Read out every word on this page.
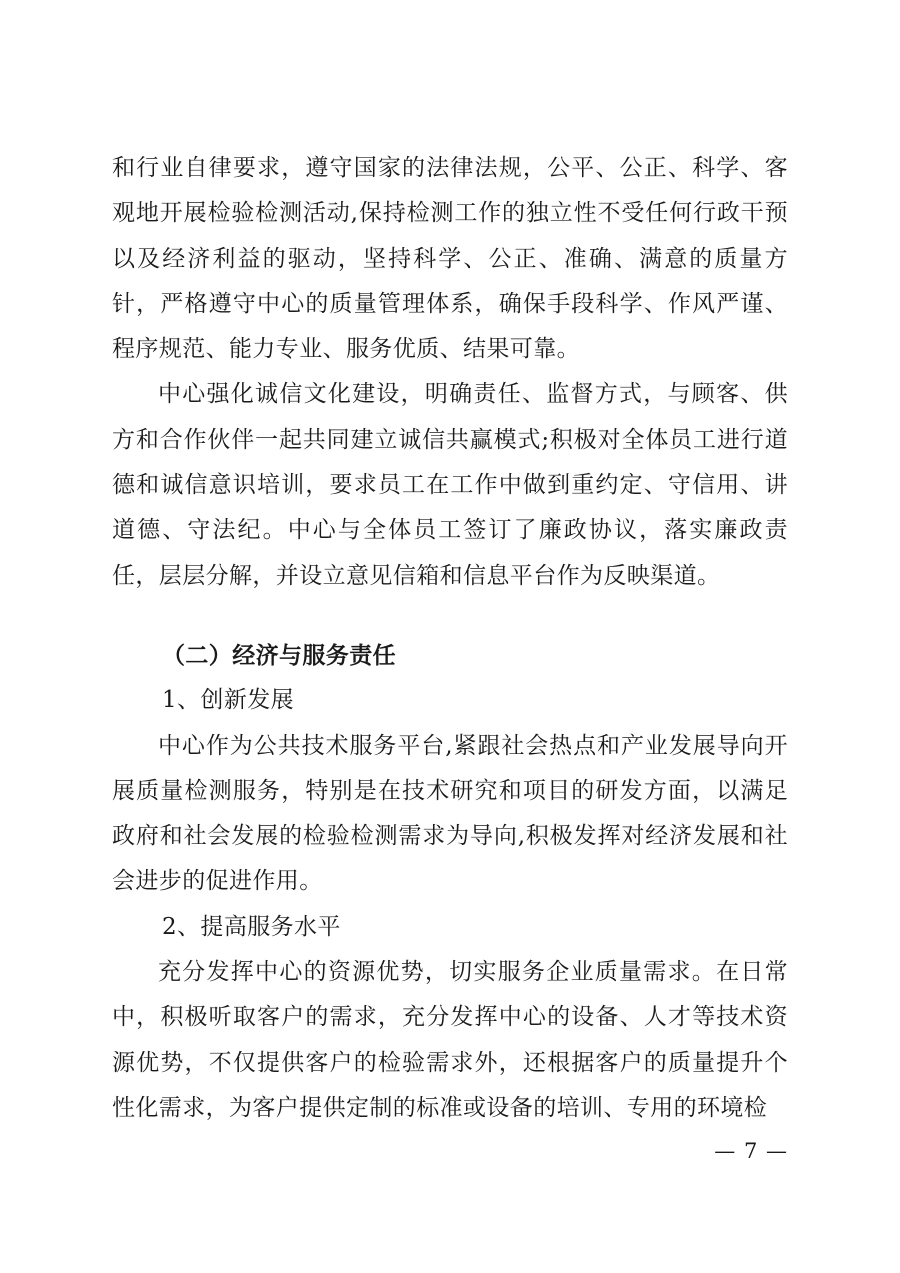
和行业自律要求，遵守国家的法律法规，公平、公正、科学、客观地开展检验检测活动,保持检测工作的独立性不受任何行政干预以及经济利益的驱动，坚持科学、公正、准确、满意的质量方针，严格遵守中心的质量管理体系，确保手段科学、作风严谨、程序规范、能力专业、服务优质、结果可靠。

中心强化诚信文化建设，明确责任、监督方式，与顾客、供方和合作伙伴一起共同建立诚信共赢模式;积极对全体员工进行道德和诚信意识培训，要求员工在工作中做到重约定、守信用、讲道德、守法纪。中心与全体员工签订了廉政协议，落实廉政责任，层层分解，并设立意见信箱和信息平台作为反映渠道。

（二）经济与服务责任

1、创新发展

中心作为公共技术服务平台,紧跟社会热点和产业发展导向开展质量检测服务，特别是在技术研究和项目的研发方面，以满足政府和社会发展的检验检测需求为导向,积极发挥对经济发展和社会进步的促进作用。

2、提高服务水平

充分发挥中心的资源优势，切实服务企业质量需求。在日常中，积极听取客户的需求，充分发挥中心的设备、人才等技术资源优势，不仅提供客户的检验需求外，还根据客户的质量提升个性化需求，为客户提供定制的标准或设备的培训、专用的环境检

— 7 —
